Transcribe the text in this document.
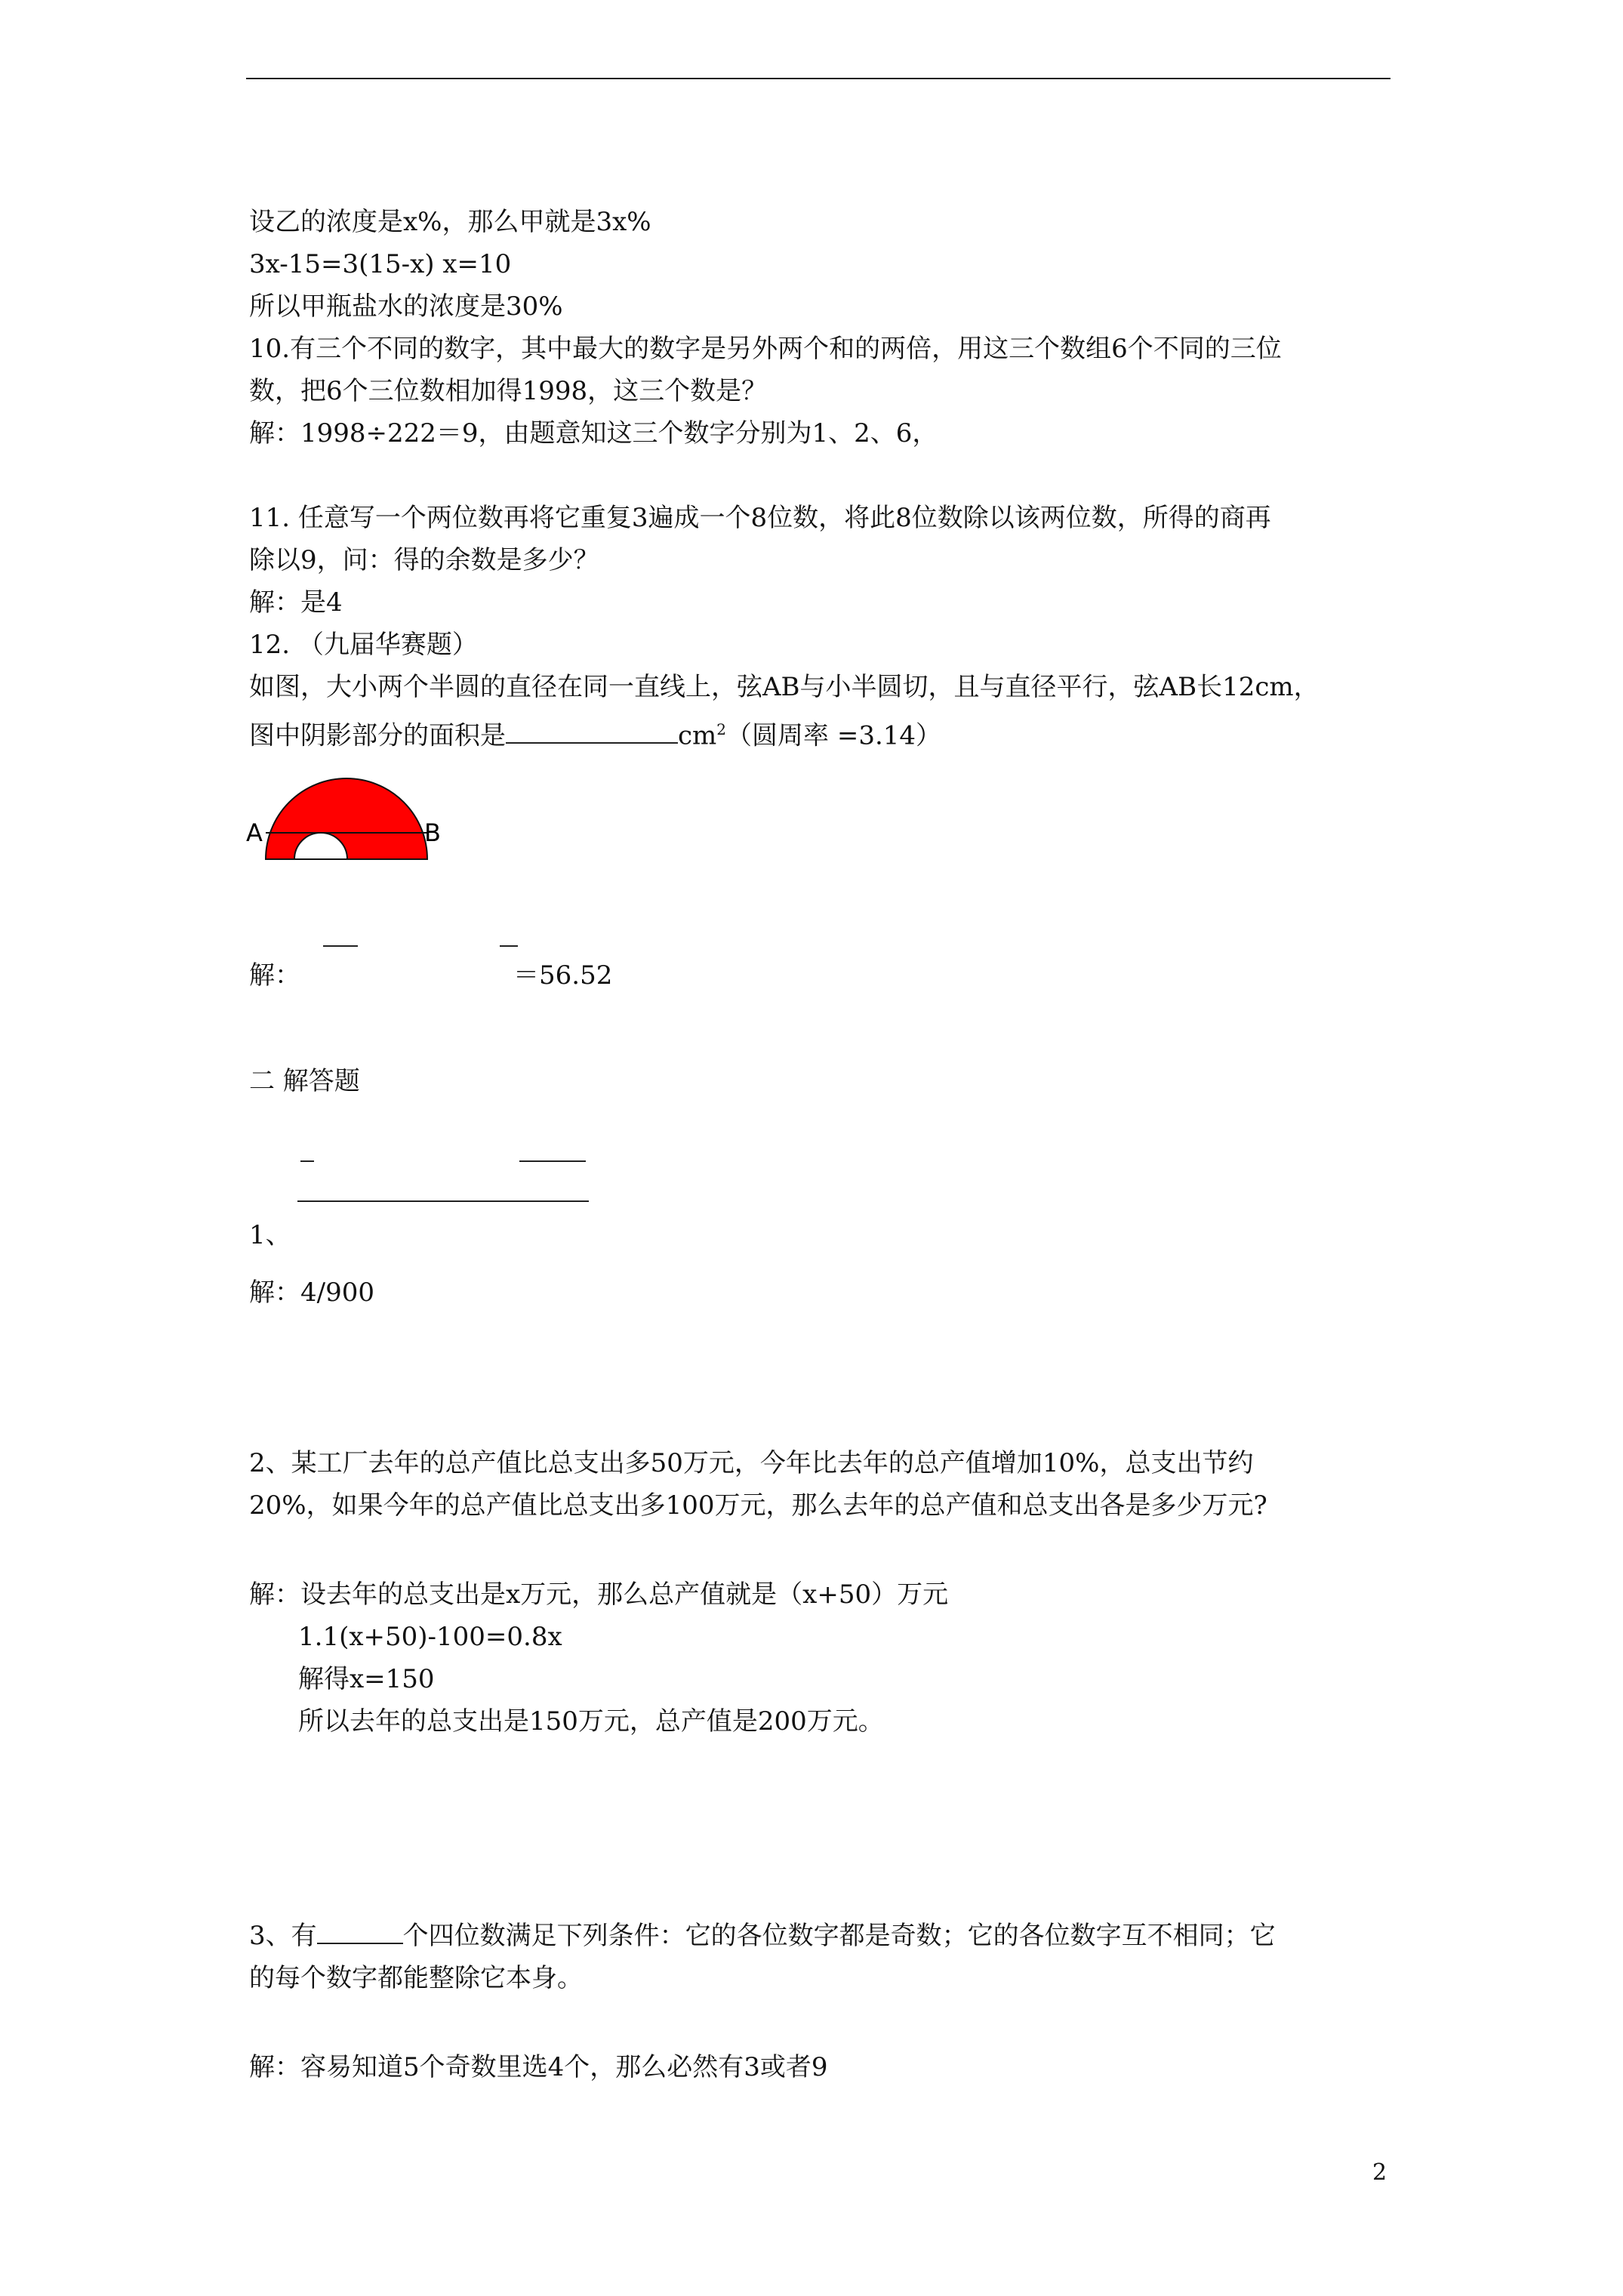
设乙的浓度是x%，那么甲就是3x%
3x-15=3(15-x) x=10
所以甲瓶盐水的浓度是30%
10.有三个不同的数字，其中最大的数字是另外两个和的两倍，用这三个数组6个不同的三位
数，把6个三位数相加得1998，这三个数是？
解：1998÷222＝9，由题意知这三个数字分别为1、2、6，
11. 任意写一个两位数再将它重复3遍成一个8位数，将此8位数除以该两位数，所得的商再
除以9，问：得的余数是多少？
解：是4
12. （九届华赛题）
如图，大小两个半圆的直径在同一直线上，弦AB与小半圆切，且与直径平行，弦AB长12cm，
图中阴影部分的面积是	$cm^2$（圆周率 =3.14）
A	B
解：	＝56.52
二 解答题
1、
解：4/900
2、某工厂去年的总产值比总支出多50万元，今年比去年的总产值增加10%，总支出节约
20%，如果今年的总产值比总支出多100万元，那么去年的总产值和总支出各是多少万元?
解：设去年的总支出是x万元，那么总产值就是（x+50）万元
1.1(x+50)-100=0.8x
解得x=150
所以去年的总支出是150万元，总产值是200万元。
3、有	个四位数满足下列条件：它的各位数字都是奇数；它的各位数字互不相同；它
的每个数字都能整除它本身。
解：容易知道5个奇数里选4个，那么必然有3或者9
2
